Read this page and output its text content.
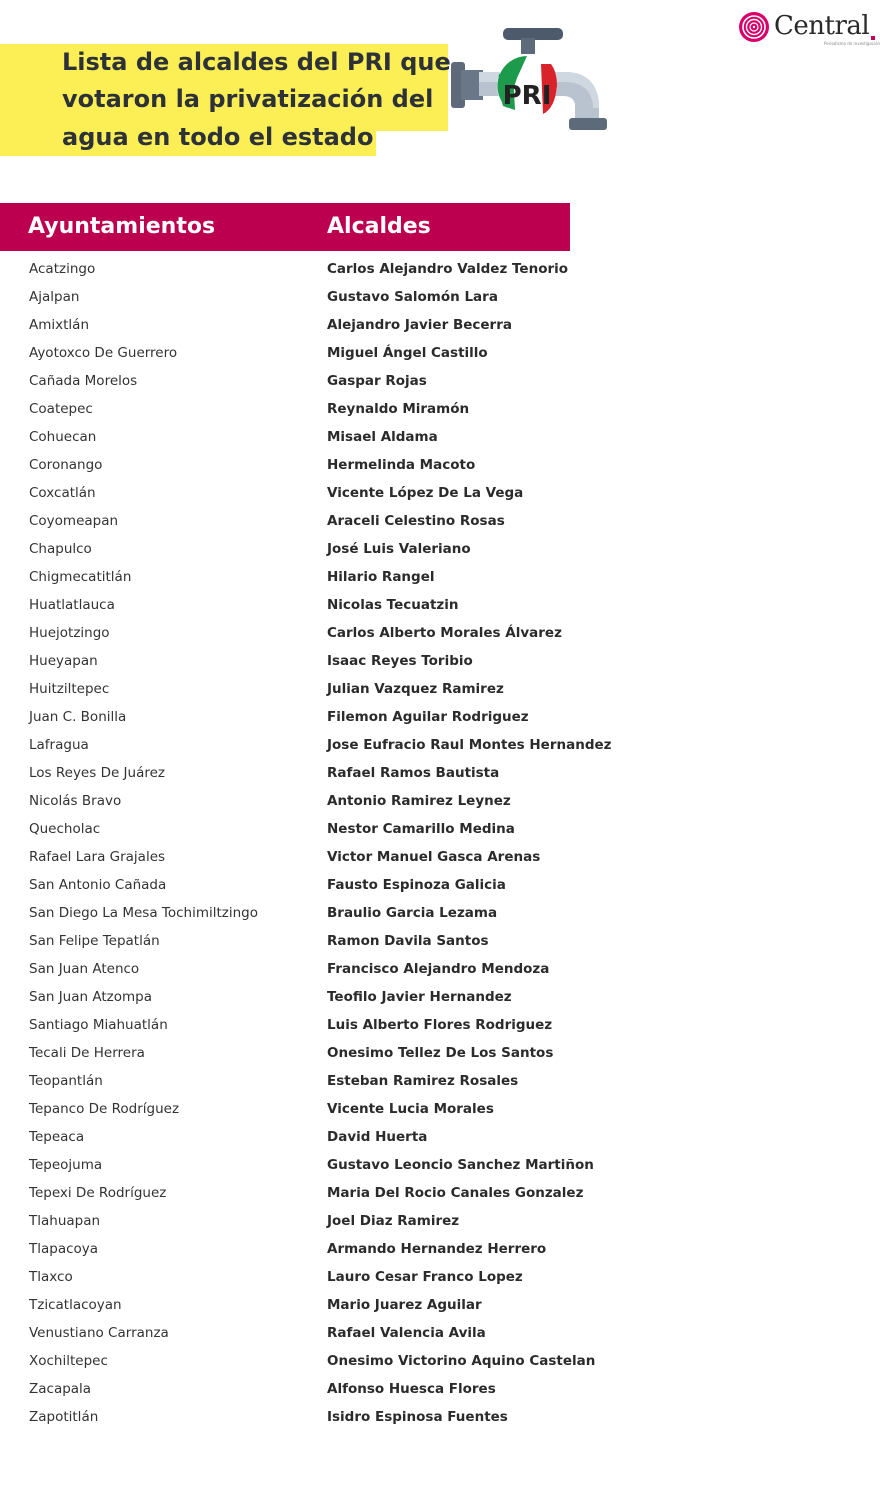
Central
Periodismo de investigación
Lista de alcaldes del PRI que
votaron la privatización del
agua en todo el estado
PRI
Ayuntamientos	Alcaldes
Acatzingo	Carlos Alejandro Valdez Tenorio
Ajalpan	Gustavo Salomón Lara
Amixtlán	Alejandro Javier Becerra
Ayotoxco De Guerrero	Miguel Ángel Castillo
Cañada Morelos	Gaspar Rojas
Coatepec	Reynaldo Miramón
Cohuecan	Misael Aldama
Coronango	Hermelinda Macoto
Coxcatlán	Vicente López De La Vega
Coyomeapan	Araceli Celestino Rosas
Chapulco	José Luis Valeriano
Chigmecatitlán	Hilario Rangel
Huatlatlauca	Nicolas Tecuatzin
Huejotzingo	Carlos Alberto Morales Álvarez
Hueyapan	Isaac Reyes Toribio
Huitziltepec	Julian Vazquez Ramirez
Juan C. Bonilla	Filemon Aguilar Rodriguez
Lafragua	Jose Eufracio Raul Montes Hernandez
Los Reyes De Juárez	Rafael Ramos Bautista
Nicolás Bravo	Antonio Ramirez Leynez
Quecholac	Nestor Camarillo Medina
Rafael Lara Grajales	Victor Manuel Gasca Arenas
San Antonio Cañada	Fausto Espinoza Galicia
San Diego La Mesa Tochimiltzingo	Braulio Garcia Lezama
San Felipe Tepatlán	Ramon Davila Santos
San Juan Atenco	Francisco Alejandro Mendoza
San Juan Atzompa	Teofilo Javier Hernandez
Santiago Miahuatlán	Luis Alberto Flores Rodriguez
Tecali De Herrera	Onesimo Tellez De Los Santos
Teopantlán	Esteban Ramirez Rosales
Tepanco De Rodríguez	Vicente Lucia Morales
Tepeaca	David Huerta
Tepeojuma	Gustavo Leoncio Sanchez Martiñon
Tepexi De Rodríguez	Maria Del Rocio Canales Gonzalez
Tlahuapan	Joel Diaz Ramirez
Tlapacoya	Armando Hernandez Herrero
Tlaxco	Lauro Cesar Franco Lopez
Tzicatlacoyan	Mario Juarez Aguilar
Venustiano Carranza	Rafael Valencia Avila
Xochiltepec	Onesimo Victorino Aquino Castelan
Zacapala	Alfonso Huesca Flores
Zapotitlán	Isidro Espinosa Fuentes
